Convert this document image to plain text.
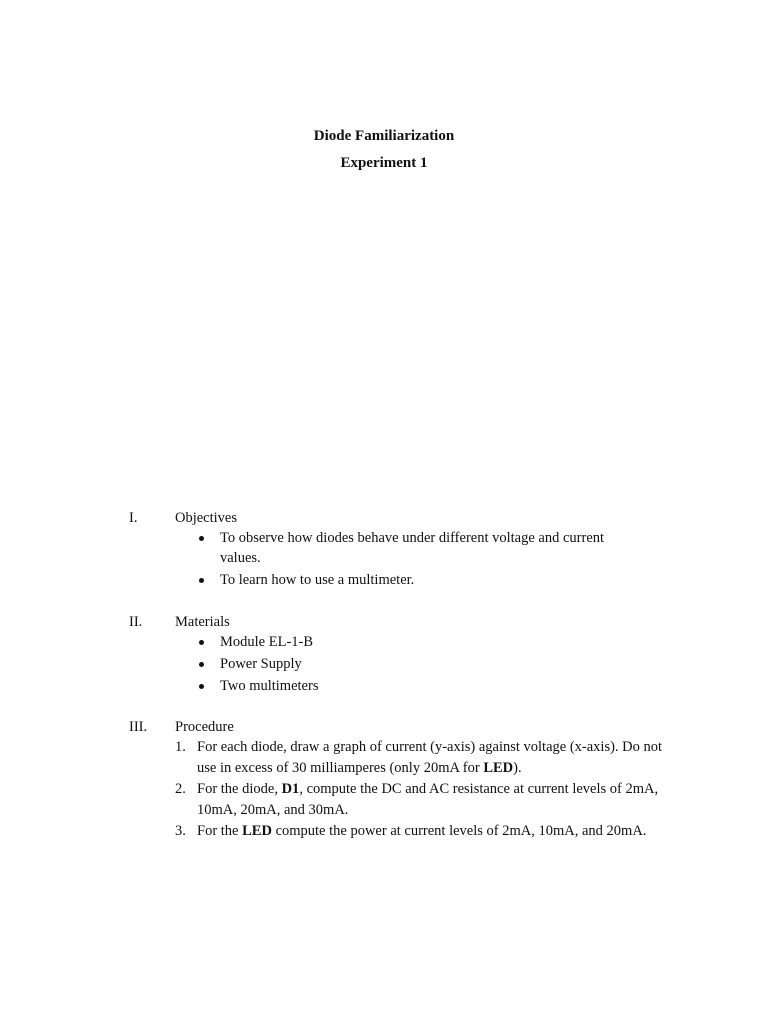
Diode Familiarization
Experiment 1
I.	Objectives
To observe how diodes behave under different voltage and current values.
To learn how to use a multimeter.
II. Materials
Module EL-1-B
Power Supply
Two multimeters
III. Procedure
1. For each diode, draw a graph of current (y-axis) against voltage (x-axis). Do not use in excess of 30 milliamperes (only 20mA for LED).
2. For the diode, D1, compute the DC and AC resistance at current levels of 2mA, 10mA, 20mA, and 30mA.
3. For the LED compute the power at current levels of 2mA, 10mA, and 20mA.
